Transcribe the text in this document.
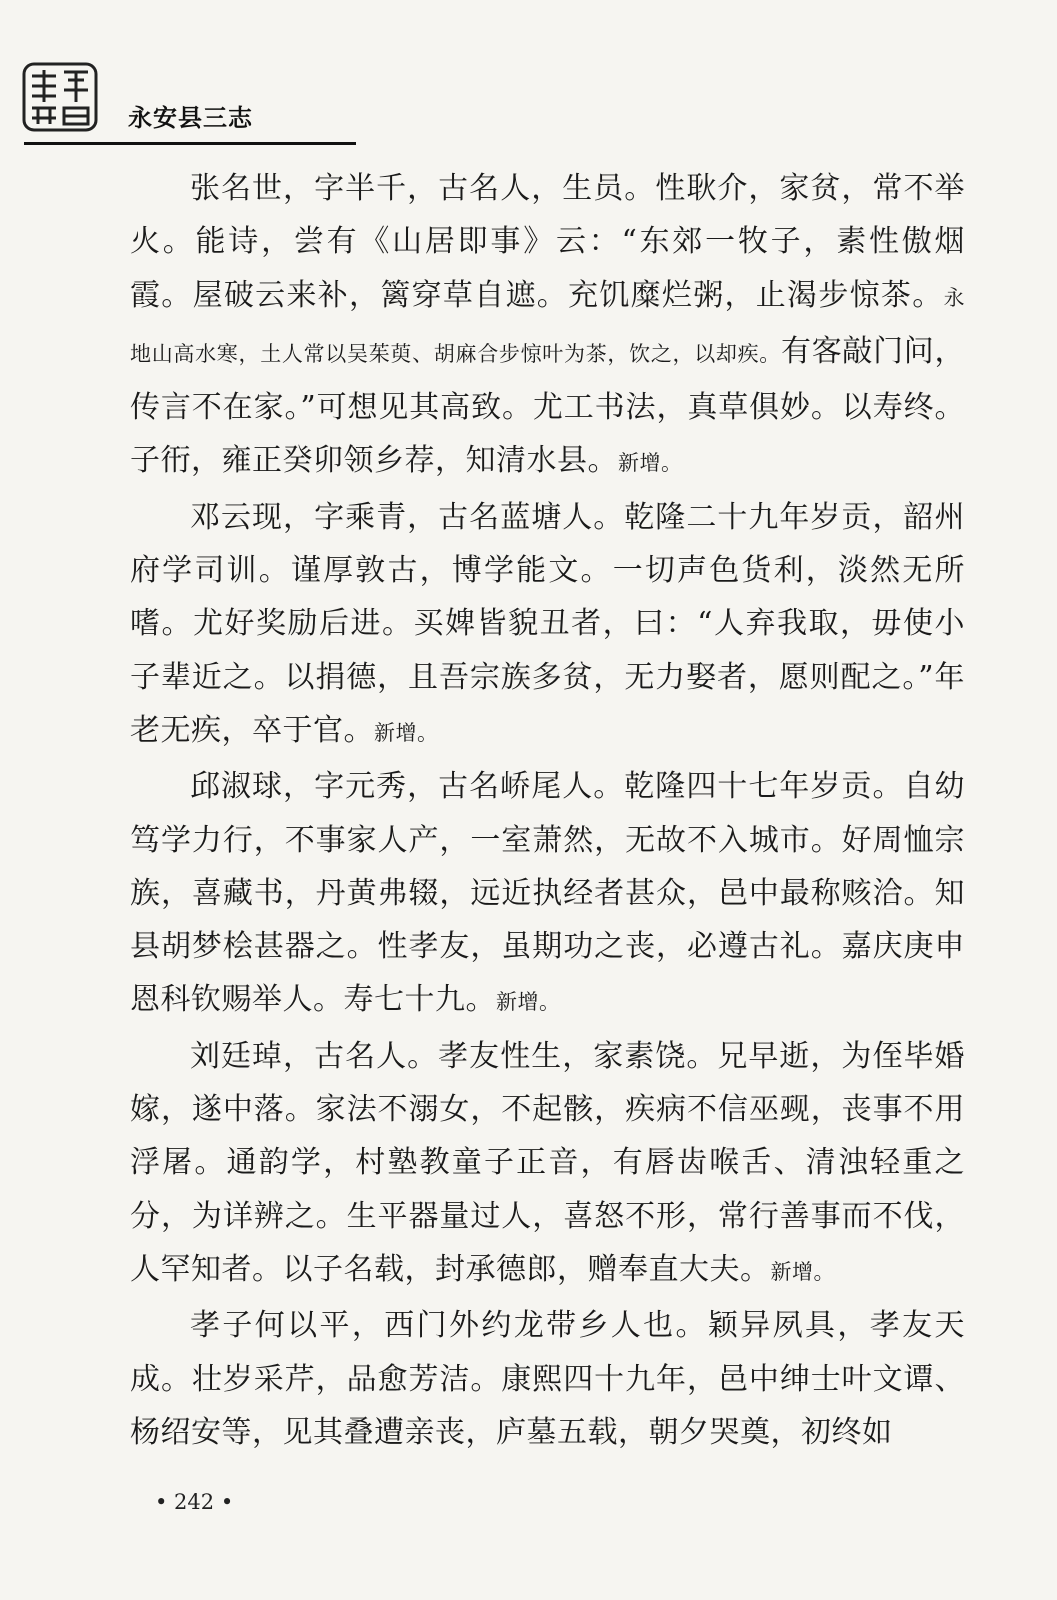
永安县三志

张名世，字半千，古名人，生员。性耿介，家贫，常不举火。能诗，尝有《山居即事》云：“东郊一牧子，素性傲烟霞。屋破云来补，篱穿草自遮。充饥糜烂粥，止渴步惊茶。永地山高水寒，土人常以吴茱萸、胡麻合步惊叶为茶，饮之，以却疾。有客敲门问，传言不在家。”可想见其高致。尤工书法，真草俱妙。以寿终。子衎，雍正癸卯领乡荐，知清水县。新增。

邓云现，字乘青，古名蓝塘人。乾隆二十九年岁贡，韶州府学司训。谨厚敦古，博学能文。一切声色货利，淡然无所嗜。尤好奖励后进。买婢皆貌丑者，曰：“人弃我取，毋使小子辈近之。以捐德，且吾宗族多贫，无力娶者，愿则配之。”年老无疾，卒于官。新增。

邱淑球，字元秀，古名峤尾人。乾隆四十七年岁贡。自幼笃学力行，不事家人产，一室萧然，无故不入城市。好周恤宗族，喜藏书，丹黄弗辍，远近执经者甚众，邑中最称赅洽。知县胡梦桧甚器之。性孝友，虽期功之丧，必遵古礼。嘉庆庚申恩科钦赐举人。寿七十九。新增。

刘廷琸，古名人。孝友性生，家素饶。兄早逝，为侄毕婚嫁，遂中落。家法不溺女，不起骸，疾病不信巫觋，丧事不用浮屠。通韵学，村塾教童子正音，有唇齿喉舌、清浊轻重之分，为详辨之。生平器量过人，喜怒不形，常行善事而不伐，人罕知者。以子名载，封承德郎，赠奉直大夫。新增。

孝子何以平，西门外约龙带乡人也。颖异夙具，孝友天成。壮岁采芹，品愈芳洁。康熙四十九年，邑中绅士叶文谭、杨绍安等，见其叠遭亲丧，庐墓五载，朝夕哭奠，初终如

• 242 •
